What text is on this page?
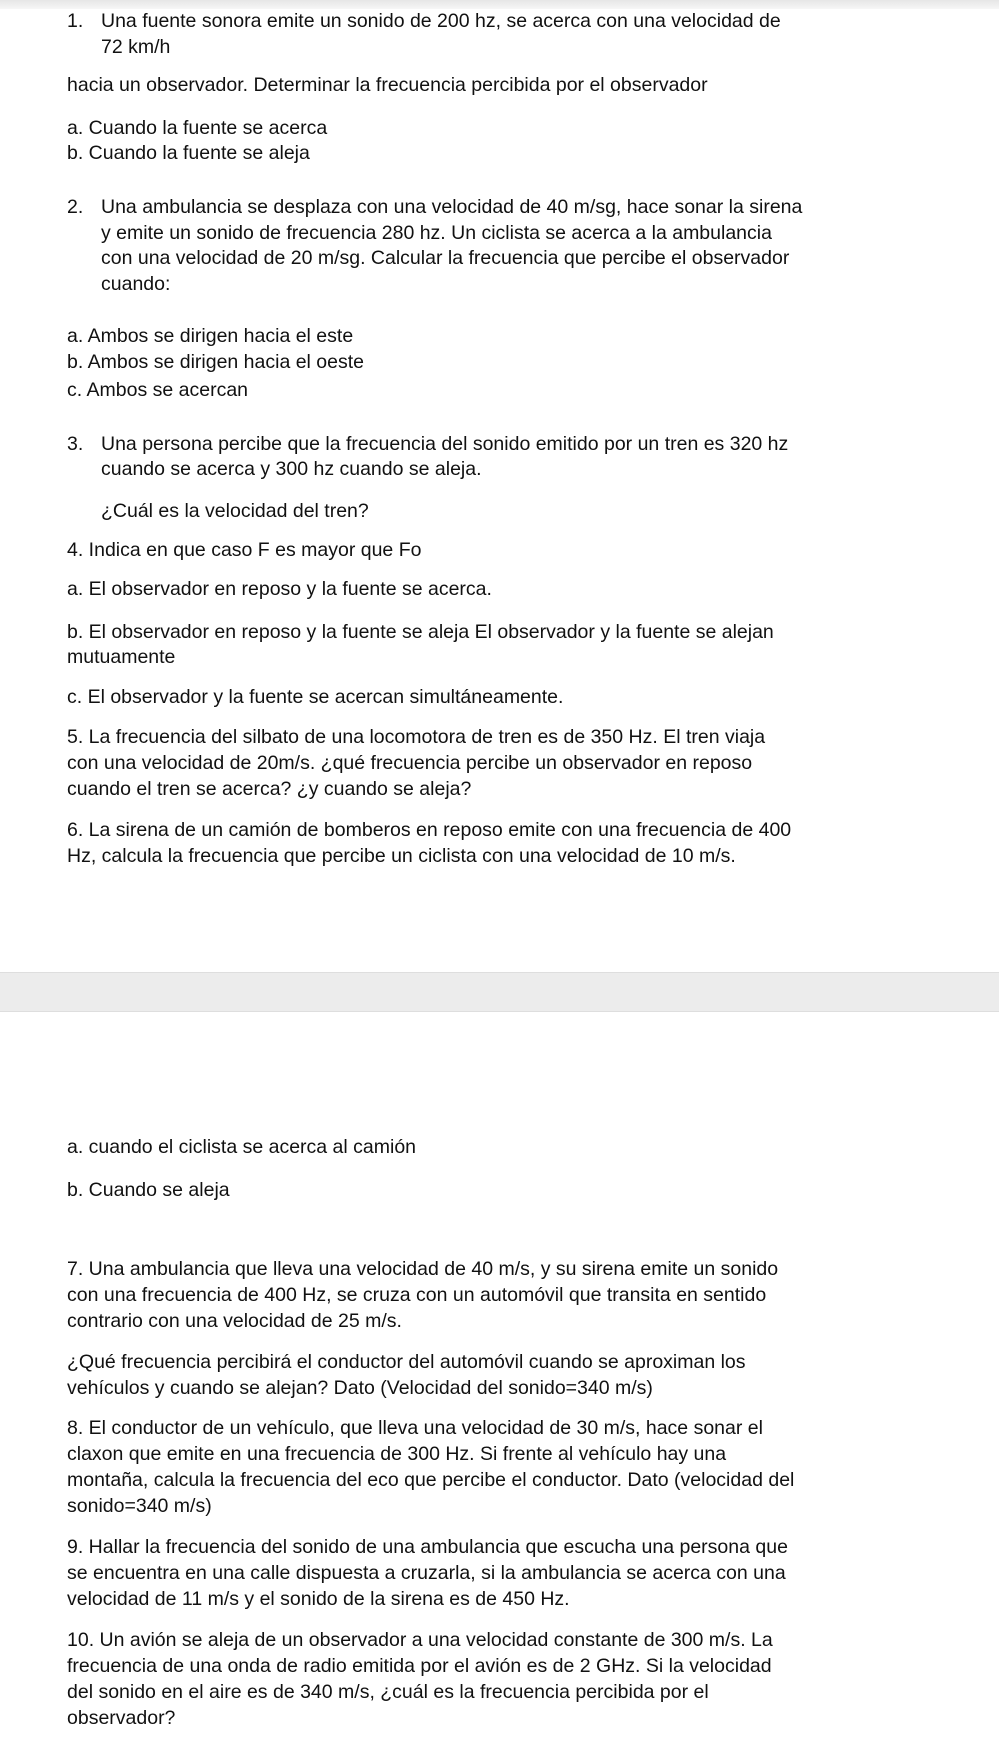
1. Una fuente sonora emite un sonido de 200 hz, se acerca con una velocidad de
72 km/h
hacia un observador. Determinar la frecuencia percibida por el observador
a. Cuando la fuente se acerca
b. Cuando la fuente se aleja
2. Una ambulancia se desplaza con una velocidad de 40 m/sg, hace sonar la sirena
y emite un sonido de frecuencia 280 hz. Un ciclista se acerca a la ambulancia
con una velocidad de 20 m/sg. Calcular la frecuencia que percibe el observador
cuando:
a. Ambos se dirigen hacia el este
b. Ambos se dirigen hacia el oeste
c. Ambos se acercan
3. Una persona percibe que la frecuencia del sonido emitido por un tren es 320 hz
cuando se acerca y 300 hz cuando se aleja.
¿Cuál es la velocidad del tren?
4. Indica en que caso F es mayor que Fo
a. El observador en reposo y la fuente se acerca.
b. El observador en reposo y la fuente se aleja El observador y la fuente se alejan
mutuamente
c. El observador y la fuente se acercan simultáneamente.
5. La frecuencia del silbato de una locomotora de tren es de 350 Hz. El tren viaja
con una velocidad de 20m/s. ¿qué frecuencia percibe un observador en reposo
cuando el tren se acerca? ¿y cuando se aleja?
6. La sirena de un camión de bomberos en reposo emite con una frecuencia de 400
Hz, calcula la frecuencia que percibe un ciclista con una velocidad de 10 m/s.
a. cuando el ciclista se acerca al camión
b. Cuando se aleja
7. Una ambulancia que lleva una velocidad de 40 m/s, y su sirena emite un sonido
con una frecuencia de 400 Hz, se cruza con un automóvil que transita en sentido
contrario con una velocidad de 25 m/s.
¿Qué frecuencia percibirá el conductor del automóvil cuando se aproximan los
vehículos y cuando se alejan? Dato (Velocidad del sonido=340 m/s)
8. El conductor de un vehículo, que lleva una velocidad de 30 m/s, hace sonar el
claxon que emite en una frecuencia de 300 Hz. Si frente al vehículo hay una
montaña, calcula la frecuencia del eco que percibe el conductor. Dato (velocidad del
sonido=340 m/s)
9. Hallar la frecuencia del sonido de una ambulancia que escucha una persona que
se encuentra en una calle dispuesta a cruzarla, si la ambulancia se acerca con una
velocidad de 11 m/s y el sonido de la sirena es de 450 Hz.
10. Un avión se aleja de un observador a una velocidad constante de 300 m/s. La
frecuencia de una onda de radio emitida por el avión es de 2 GHz. Si la velocidad
del sonido en el aire es de 340 m/s, ¿cuál es la frecuencia percibida por el
observador?
